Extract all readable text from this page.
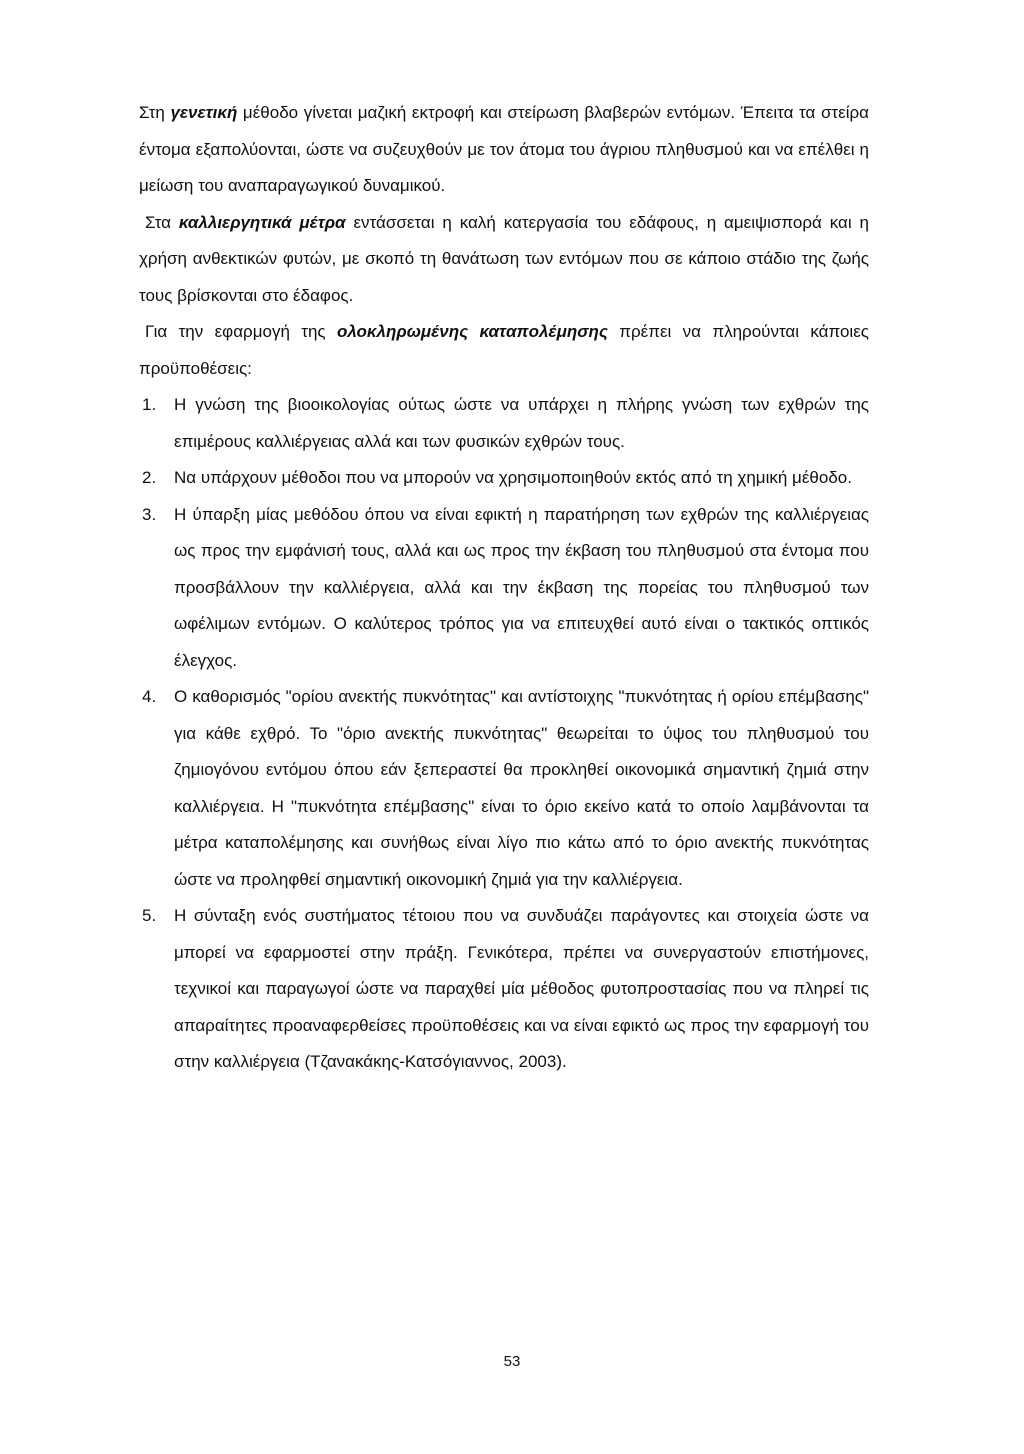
Στη γενετική μέθοδο γίνεται μαζική εκτροφή και στείρωση βλαβερών εντόμων. Έπειτα τα στείρα έντομα εξαπολύονται, ώστε να συζευχθούν με τον άτομα του άγριου πληθυσμού και να επέλθει η μείωση του αναπαραγωγικού δυναμικού.

Στα καλλιεργητικά μέτρα εντάσσεται η καλή κατεργασία του εδάφους, η αμειψισπορά και η χρήση ανθεκτικών φυτών, με σκοπό τη θανάτωση των εντόμων που σε κάποιο στάδιο της ζωής τους βρίσκονται στο έδαφος.

Για την εφαρμογή της ολοκληρωμένης καταπολέμησης πρέπει να πληρούνται κάποιες προϋποθέσεις:

1. Η γνώση της βιοοικολογίας ούτως ώστε να υπάρχει η πλήρης γνώση των εχθρών της επιμέρους καλλιέργειας αλλά και των φυσικών εχθρών τους.
2. Να υπάρχουν μέθοδοι που να μπορούν να χρησιμοποιηθούν εκτός από τη χημική μέθοδο.
3. Η ύπαρξη μίας μεθόδου όπου να είναι εφικτή η παρατήρηση των εχθρών της καλλιέργειας ως προς την εμφάνισή τους, αλλά και ως προς την έκβαση του πληθυσμού στα έντομα που προσβάλλουν την καλλιέργεια, αλλά και την έκβαση της πορείας του πληθυσμού των ωφέλιμων εντόμων. Ο καλύτερος τρόπος για να επιτευχθεί αυτό είναι ο τακτικός οπτικός έλεγχος.
4. Ο καθορισμός "ορίου ανεκτής πυκνότητας" και αντίστοιχης "πυκνότητας ή ορίου επέμβασης" για κάθε εχθρό. Το "όριο ανεκτής πυκνότητας" θεωρείται το ύψος του πληθυσμού του ζημιογόνου εντόμου όπου εάν ξεπεραστεί θα προκληθεί οικονομικά σημαντική ζημιά στην καλλιέργεια. Η "πυκνότητα επέμβασης" είναι το όριο εκείνο κατά το οποίο λαμβάνονται τα μέτρα καταπολέμησης και συνήθως είναι λίγο πιο κάτω από το όριο ανεκτής πυκνότητας ώστε να προληφθεί σημαντική οικονομική ζημιά για την καλλιέργεια.
5. Η σύνταξη ενός συστήματος τέτοιου που να συνδυάζει παράγοντες και στοιχεία ώστε να μπορεί να εφαρμοστεί στην πράξη. Γενικότερα, πρέπει να συνεργαστούν επιστήμονες, τεχνικοί και παραγωγοί ώστε να παραχθεί μία μέθοδος φυτοπροστασίας που να πληρεί τις απαραίτητες προαναφερθείσες προϋποθέσεις και να είναι εφικτό ως προς την εφαρμογή του στην καλλιέργεια (Τζανακάκης-Κατσόγιαννος, 2003).
53
